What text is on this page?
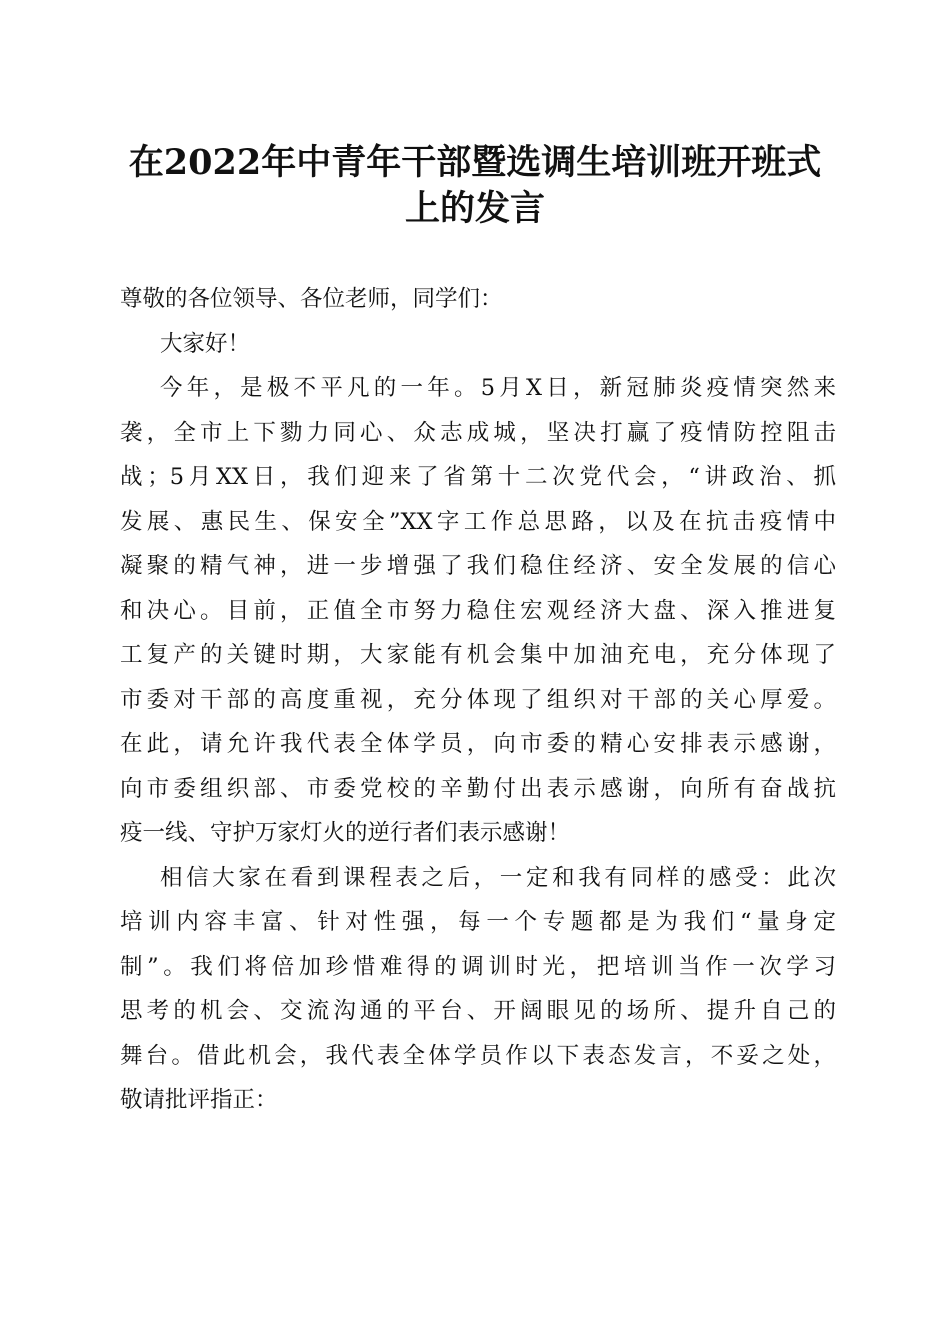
在2022年中青年干部暨选调生培训班开班式
上的发言
尊敬的各位领导、各位老师，同学们：
大家好！
今年，是极不平凡的一年。5月X日，新冠肺炎疫情突然来
袭，全市上下勠力同心、众志成城，坚决打赢了疫情防控阻击
战；5月XX日，我们迎来了省第十二次党代会，“讲政治、抓
发展、惠民生、保安全”XX字工作总思路，以及在抗击疫情中
凝聚的精气神，进一步增强了我们稳住经济、安全发展的信心
和决心。目前，正值全市努力稳住宏观经济大盘、深入推进复
工复产的关键时期，大家能有机会集中加油充电，充分体现了
市委对干部的高度重视，充分体现了组织对干部的关心厚爱。
在此，请允许我代表全体学员，向市委的精心安排表示感谢，
向市委组织部、市委党校的辛勤付出表示感谢，向所有奋战抗
疫一线、守护万家灯火的逆行者们表示感谢！
相信大家在看到课程表之后，一定和我有同样的感受：此次
培训内容丰富、针对性强，每一个专题都是为我们“量身定
制”。我们将倍加珍惜难得的调训时光，把培训当作一次学习
思考的机会、交流沟通的平台、开阔眼见的场所、提升自己的
舞台。借此机会，我代表全体学员作以下表态发言，不妥之处，
敬请批评指正：
